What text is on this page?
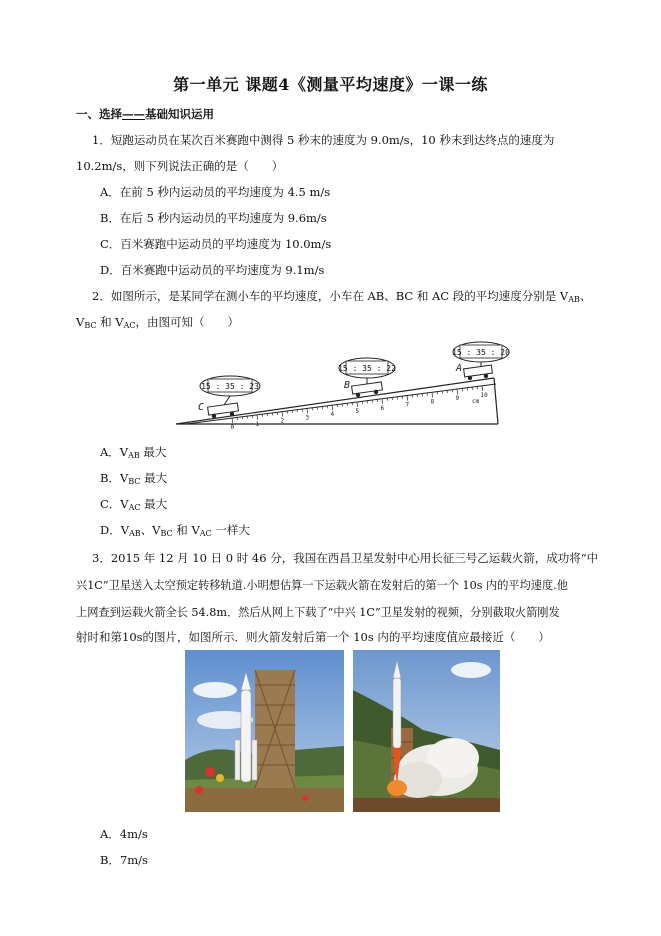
第一单元 课题4《测量平均速度》一课一练
一、选择——基础知识运用
1．短跑运动员在某次百米赛跑中测得 5 秒末的速度为 9.0m/s，10 秒末到达终点的速度为
10.2m/s，则下列说法正确的是（　　）
A．在前 5 秒内运动员的平均速度为 4.5 m/s
B．在后 5 秒内运动员的平均速度为 9.6m/s
C．百米赛跑中运动员的平均速度为 10.0m/s
D．百米赛跑中运动员的平均速度为 9.1m/s
2．如图所示，是某同学在测小车的平均速度，小车在 AB、BC 和 AC 段的平均速度分别是 $V_{AB}$、
$V_{BC}$ 和 $V_{AC}$，由图可知（　　）
0	1	2	3	4	5	6	7	8	9	10
cm
C
B
A
15 : 35 : 23
15 : 35 : 22
15 : 35 : 20
A．$V_{AB}$ 最大
B．$V_{BC}$ 最大
C．$V_{AC}$ 最大
D．$V_{AB}$、$V_{BC}$ 和 $V_{AC}$ 一样大
3．2015 年 12 月 10 日 0 时 46 分，我国在西昌卫星发射中心用长征三号乙运载火箭，成功将“中
兴1C”卫星送入太空预定转移轨道.小明想估算一下运载火箭在发射后的第一个 10s 内的平均速度.他
上网查到运载火箭全长 54.8m．然后从网上下载了“中兴 1C”卫星发射的视频，分别截取火箭刚发
射时和第10s的图片，如图所示．则火箭发射后第一个 10s 内的平均速度值应最接近（　　）
A．4m/s
B．7m/s
